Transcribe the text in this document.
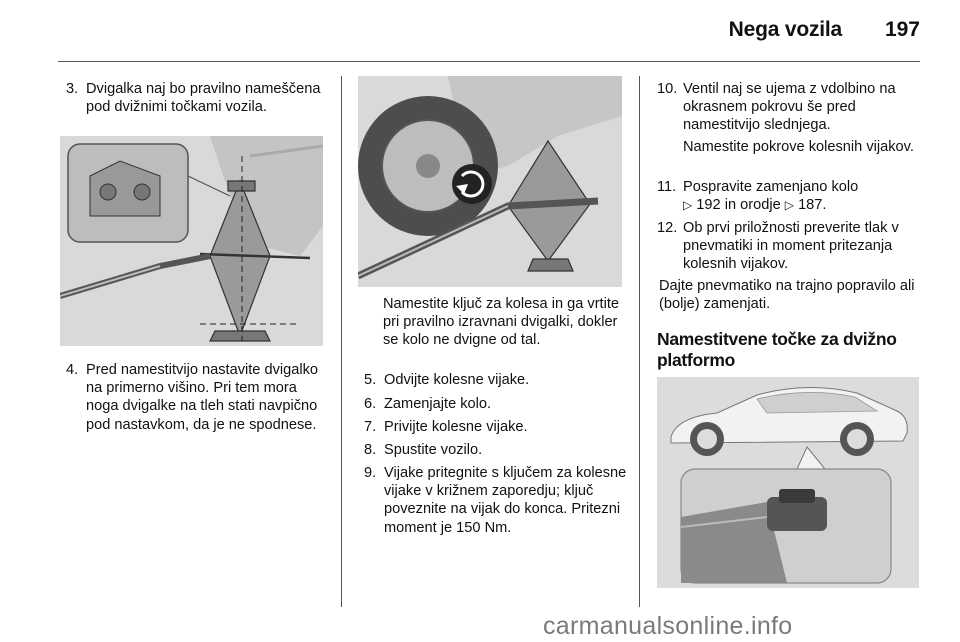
Nega vozila 197
3. Dvigalka naj bo pravilno nameščena pod dvižnimi točkami vozila.
4. Pred namestitvijo nastavite dvigalko na primerno višino. Pri tem mora noga dvigalke na tleh stati navpično pod nastavkom, da je ne spodnese.
Namestite ključ za kolesa in ga vrtite pri pravilno izravnani dvigalki, dokler se kolo ne dvigne od tal.
5. Odvijte kolesne vijake.
6. Zamenjajte kolo.
7. Privijte kolesne vijake.
8. Spustite vozilo.
9. Vijake pritegnite s ključem za kolesne vijake v križnem zaporedju; ključ poveznite na vijak do konca. Pritezni moment je 150 Nm.
10. Ventil naj se ujema z vdolbino na okrasnem pokrovu še pred namestitvijo slednjega.
Namestite pokrove kolesnih vijakov.
11. Pospravite zamenjano kolo
▷ 192 in orodje ▷ 187.
12. Ob prvi priložnosti preverite tlak v pnevmatiki in moment pritezanja kolesnih vijakov.
Dajte pnevmatiko na trajno popravilo ali (bolje) zamenjati.
Namestitvene točke za dvižno
platformo
carmanualsonline.info
